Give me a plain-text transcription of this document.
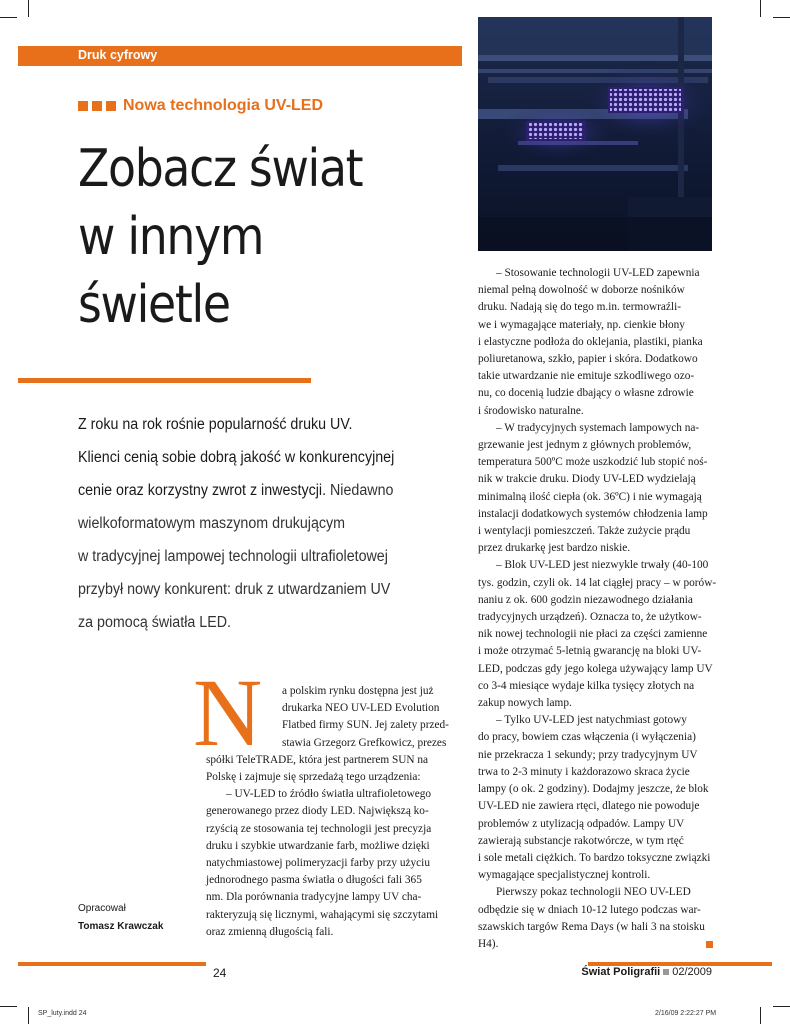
Druk cyfrowy
Nowa technologia UV-LED
Zobacz świat
w innym
świetle
Z roku na rok rośnie popularność druku UV.
Klienci cenią sobie dobrą jakość w konkurencyjnej
cenie oraz korzystny zwrot z inwestycji. Niedawno
wielkoformatowym maszynom drukującym
w tradycyjnej lampowej technologii ultrafioletowej
przybył nowy konkurent: druk z utwardzaniem UV
za pomocą światła LED.
N	a polskim rynku dostępna jest już
drukarka NEO UV-LED Evolution
Flatbed firmy SUN. Jej zalety przed-
stawia Grzegorz Grefkowicz, prezes
spółki TeleTRADE, która jest partnerem SUN na
Polskę i zajmuje się sprzedażą tego urządzenia:
– UV-LED to źródło światła ultrafioletowego
generowanego przez diody LED. Największą ko-
rzyścią ze stosowania tej technologii jest precyzja
druku i szybkie utwardzanie farb, możliwe dzięki
natychmiastowej polimeryzacji farby przy użyciu
jednorodnego pasma światła o długości fali 365
nm. Dla porównania tradycyjne lampy UV cha-
rakteryzują się licznymi, wahającymi się szczytami
oraz zmienną długością fali.
– Stosowanie technologii UV-LED zapewnia
niemal pełną dowolność w doborze nośników
druku. Nadają się do tego m.in. termowraźli-
we i wymagające materiały, np. cienkie błony
i elastyczne podłoża do oklejania, plastiki, pianka
poliuretanowa, szkło, papier i skóra. Dodatkowo
takie utwardzanie nie emituje szkodliwego ozo-
nu, co docenią ludzie dbający o własne zdrowie
i środowisko naturalne.
– W tradycyjnych systemach lampowych na-
grzewanie jest jednym z głównych problemów,
temperatura 500ºC może uszkodzić lub stopić noś-
nik w trakcie druku. Diody UV-LED wydzielają
minimalną ilość ciepła (ok. 36ºC) i nie wymagają
instalacji dodatkowych systemów chłodzenia lamp
i wentylacji pomieszczeń. Także zużycie prądu
przez drukarkę jest bardzo niskie.
– Blok UV-LED jest niezwykle trwały (40-100
tys. godzin, czyli ok. 14 lat ciągłej pracy – w porów-
naniu z ok. 600 godzin niezawodnego działania
tradycyjnych urządzeń). Oznacza to, że użytkow-
nik nowej technologii nie płaci za części zamienne
i może otrzymać 5-letnią gwarancję na bloki UV-
LED, podczas gdy jego kolega używający lamp UV
co 3-4 miesiące wydaje kilka tysięcy złotych na
zakup nowych lamp.
– Tylko UV-LED jest natychmiast gotowy
do pracy, bowiem czas włączenia (i wyłączenia)
nie przekracza 1 sekundy; przy tradycyjnym UV
trwa to 2-3 minuty i każdorazowo skraca życie
lampy (o ok. 2 godziny). Dodajmy jeszcze, że blok
UV-LED nie zawiera rtęci, dlatego nie powoduje
problemów z utylizacją odpadów. Lampy UV
zawierają substancje rakotwórcze, w tym rtęć
i sole metali ciężkich. To bardzo toksyczne związki
wymagające specjalistycznej kontroli.
Pierwszy pokaz technologii NEO UV-LED
odbędzie się w dniach 10-12 lutego podczas war-
szawskich targów Rema Days (w hali 3 na stoisku
H4).
Opracował
Tomasz Krawczak
24	Świat Poligrafii 02/2009
SP_luty.indd 24	2/16/09 2:22:27 PM
